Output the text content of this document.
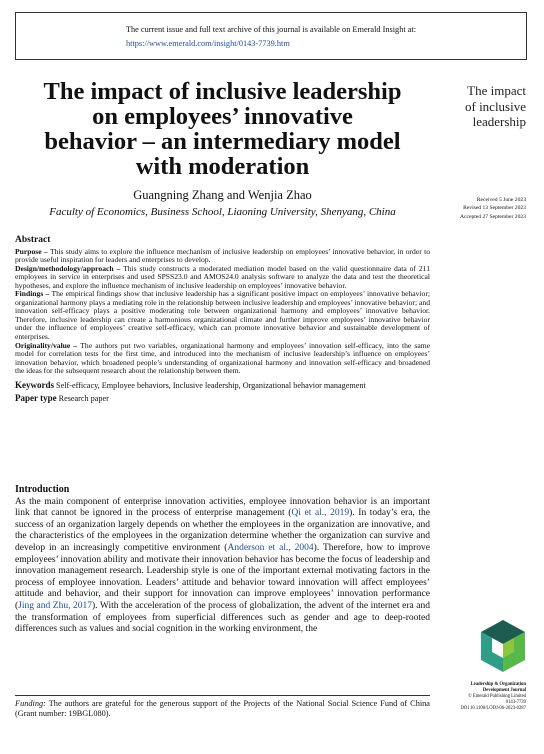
The current issue and full text archive of this journal is available on Emerald Insight at:
https://www.emerald.com/insight/0143-7739.htm
The impact of inclusive leadership
on employees’ innovative
behavior – an intermediary model
with moderation
The impact
of inclusive
leadership
Guangning Zhang and Wenjia Zhao
Faculty of Economics, Business School, Liaoning University, Shenyang, China
Received 5 June 2023
Revised 13 September 2023
Accepted 27 September 2023
Abstract

Purpose – This study aims to explore the influence mechanism of inclusive leadership on employees’ innovative behavior, in order to provide useful inspiration for leaders and enterprises to develop.

Design/methodology/approach – This study constructs a moderated mediation model based on the valid questionnaire data of 211 employees in service in enterprises and used SPSS23.0 and AMOS24.0 analysis software to analyze the data and test the theoretical hypotheses, and explore the influence mechanism of inclusive leadership on employees’ innovative behavior.

Findings – The empirical findings show that inclusive leadership has a significant positive impact on employees’ innovative behavior; organizational harmony plays a mediating role in the relationship between inclusive leadership and employees’ innovative behavior; and innovation self-efficacy plays a positive moderating role between organizational harmony and employees’ innovative behavior. Therefore, inclusive leadership can create a harmonious organizational climate and further improve employees’ innovative behavior under the influence of employees’ creative self-efficacy, which can promote innovative behavior and sustainable development of enterprises.

Originality/value – The authors put two variables, organizational harmony and employees’ innovation self-efficacy, into the same model for correlation tests for the first time, and introduced into the mechanism of inclusive leadership’s influence on employees’ innovation behavior, which broadened people’s understanding of organizational harmony and innovation self-efficacy and broadened the ideas for the subsequent research about the relationship between them.

Keywords Self-efficacy, Employee behaviors, Inclusive leadership, Organizational behavior management

Paper type Research paper

Introduction

As the main component of enterprise innovation activities, employee innovation behavior is an important link that cannot be ignored in the process of enterprise management (Qi et al., 2019). In today’s era, the success of an organization largely depends on whether the employees in the organization are innovative, and the characteristics of the employees in the organization determine whether the organization can survive and develop in an increasingly competitive environment (Anderson et al., 2004). Therefore, how to improve employees’ innovation ability and motivate their innovation behavior has become the focus of leadership and innovation management research. Leadership style is one of the important external motivating factors in the process of employee innovation. Leaders’ attitude and behavior toward innovation will affect employees’ attitude and behavior, and their support for innovation can improve employees’ innovation performance (Jing and Zhu, 2017). With the acceleration of the process of globalization, the advent of the internet era and the transformation of employees from superficial differences such as gender and age to deep-rooted differences such as values and social cognition in the working environment, the

Funding: The authors are grateful for the generous support of the Projects of the National Social Science Fund of China (Grant number: 19BGL080).
Leadership & Organization
Development Journal
© Emerald Publishing Limited
0143-7739
DOI 10.1108/LODJ-06-2023-0287
